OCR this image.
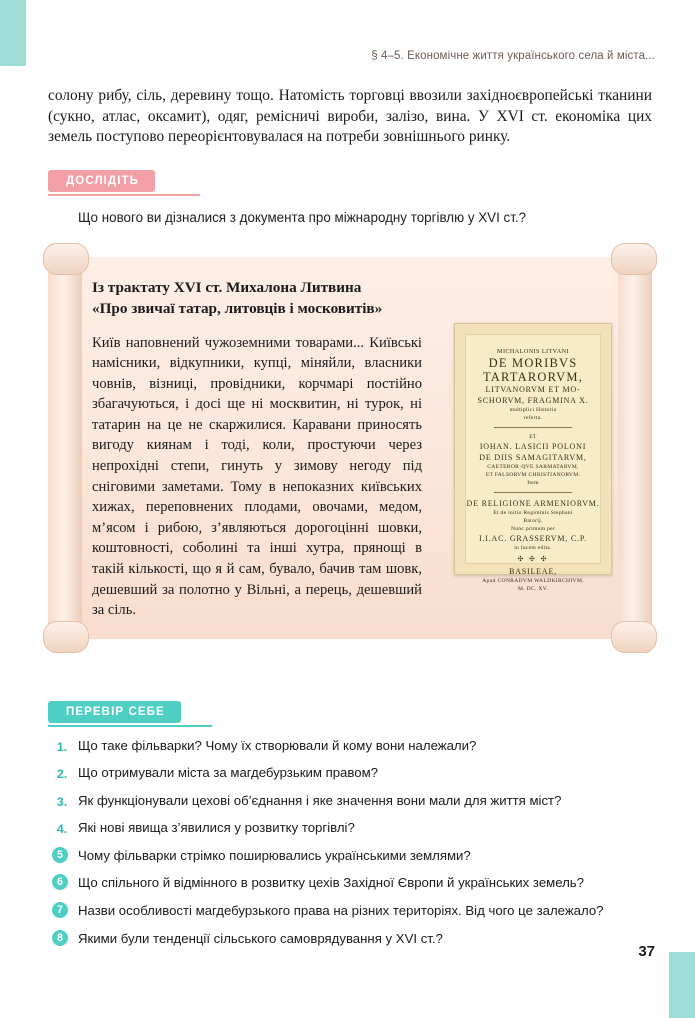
§ 4–5. Економічне життя українського села й міста...

солону рибу, сіль, деревину тощо. Натомість торговці ввозили західноєвропейські тканини (сукно, атлас, оксамит), одяг, ремісничі вироби, залізо, вина. У XVI ст. економіка цих земель поступово переорієнтовувалася на потреби зовнішнього ринку.

ДОСЛІДІТЬ

Що нового ви дізналися з документа про міжнародну торгівлю у XVI ст.?

Із трактату XVI ст. Михалона Литвина
«Про звичаї татар, литовців і московитів»

Київ наповнений чужоземними товарами... Київські намісники, відкупники, купці, міняйли, власники човнів, візниці, провідники, корчмарі постійно збагачуються, і досі ще ні москвитин, ні турок, ні татарин на це не скаржилися. Каравани приносять вигоду киянам і тоді, коли, простуючи через непрохідні степи, гинуть у зимову негоду під сніговими заметами. Тому в непоказних київських хижах, переповнених плодами, овочами, медом, м’ясом і рибою, з’являються дорогоцінні шовки, коштовності, соболині та інші хутра, прянощі в такій кількості, що я й сам, бувало, бачив там шовк, дешевший за полотно у Вільні, а перець, дешевший за сіль.

MICHALONIS LITVANI
DE MORIBVS
TARTARORVM,
LITVANORVM ET MO-
SCHORVM, FRAGMINA X.
multiplici Historia
referta.
ET
IOHAN. LASICII POLONI
DE DIIS SAMAGITARVM,
CAETEROR·QVE SARMATARVM,
ET FALSORVM CHRISTIANORVM.
Item
DE RELIGIONE ARMENIORVM.
Et de initio Regiminis Stephani
Batorij.
Nunc primum per
I.I.AC. GRASSERVM, C.P.
in lucem edita.
✣ ✣ ✣
BASILEAE,
Apud CONRADVM WALDKIRCHIVM,
M. DC. XV.
ПЕРЕВІР СЕБЕ
1. Що таке фільварки? Чому їх створювали й кому вони належали?
2. Що отримували міста за магдебурзьким правом?
3. Як функціонували цехові об’єднання і яке значення вони мали для життя міст?
4. Які нові явища з’явилися у розвитку торгівлі?
5	Чому фільварки стрімко поширювались українськими землями?
6	Що спільного й відмінного в розвитку цехів Західної Європи й українських земель?
7	Назви особливості магдебурзького права на різних територіях. Від чого це залежало?
8	Якими були тенденції сільського самоврядування у XVI ст.?
37
